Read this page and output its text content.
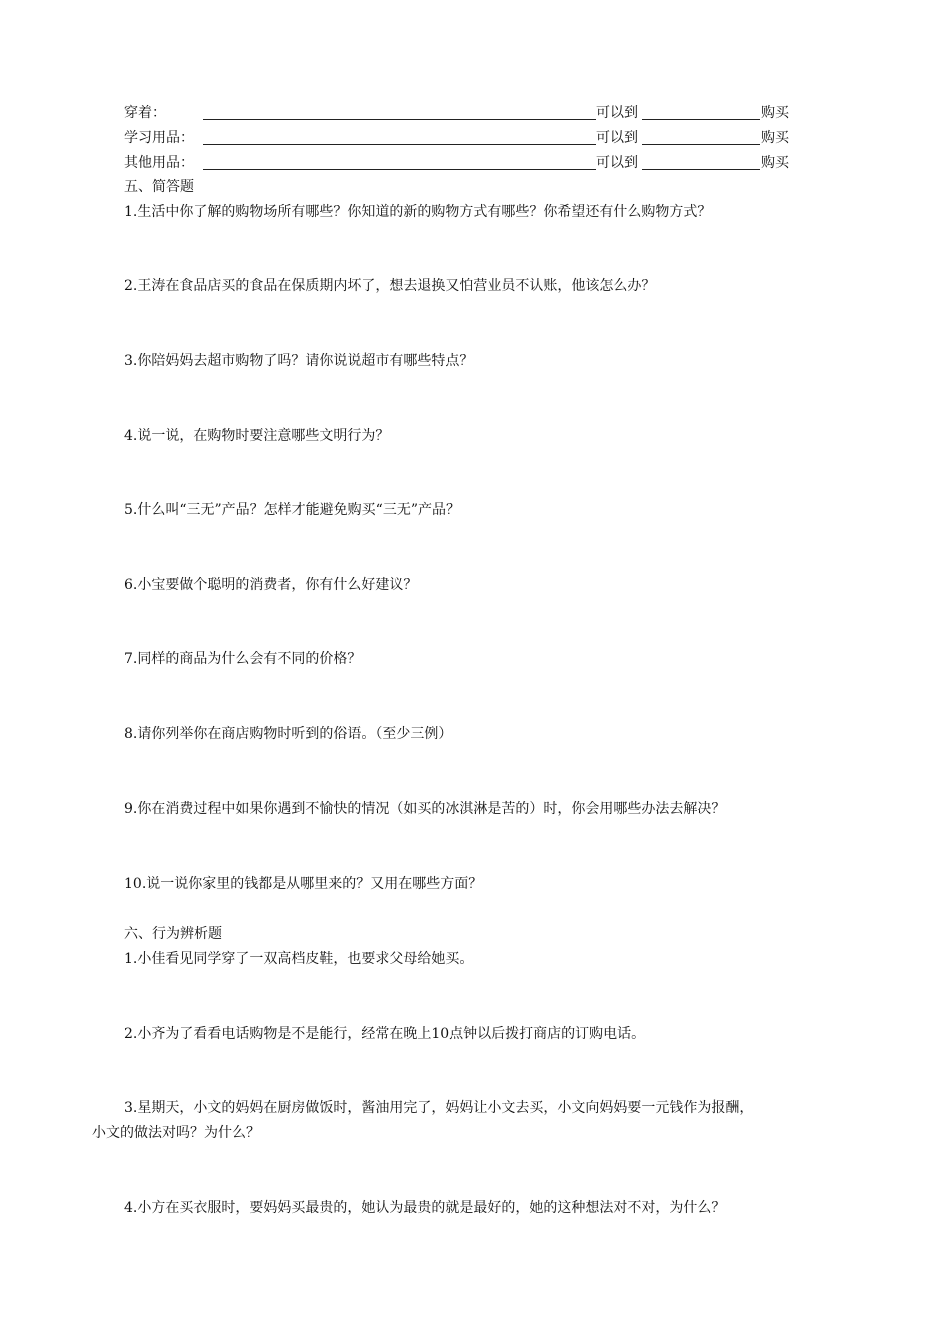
穿着：	可以到	购买
学习用品：	可以到	购买
其他用品：	可以到	购买
五、简答题
1.生活中你了解的购物场所有哪些？你知道的新的购物方式有哪些？你希望还有什么购物方式？
2.王涛在食品店买的食品在保质期内坏了，想去退换又怕营业员不认账，他该怎么办？
3.你陪妈妈去超市购物了吗？请你说说超市有哪些特点？
4.说一说，在购物时要注意哪些文明行为？
5.什么叫“三无”产品？怎样才能避免购买“三无”产品？
6.小宝要做个聪明的消费者，你有什么好建议？
7.同样的商品为什么会有不同的价格？
8.请你列举你在商店购物时听到的俗语。（至少三例）
9.你在消费过程中如果你遇到不愉快的情况（如买的冰淇淋是苦的）时，你会用哪些办法去解决？
10.说一说你家里的钱都是从哪里来的？又用在哪些方面？
六、行为辨析题
1.小佳看见同学穿了一双高档皮鞋，也要求父母给她买。
2.小齐为了看看电话购物是不是能行，经常在晚上10点钟以后拨打商店的订购电话。
3.星期天，小文的妈妈在厨房做饭时，酱油用完了，妈妈让小文去买，小文向妈妈要一元钱作为报酬，
小文的做法对吗？为什么？
4.小方在买衣服时，要妈妈买最贵的，她认为最贵的就是最好的，她的这种想法对不对，为什么？
